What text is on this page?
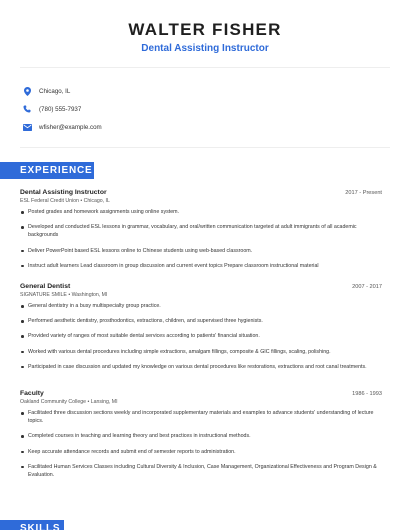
WALTER FISHER
Dental Assisting Instructor
Chicago, IL
(780) 555-7937
wfisher@example.com
EXPERIENCE
Dental Assisting Instructor	2017 - Present
ESL Federal Credit Union • Chicago, IL
Posted grades and homework assignments using online system.
Developed and conducted ESL lessons in grammar, vocabulary, and oral/written communication targeted at adult immigrants of all academic backgrounds
Deliver PowerPoint based ESL lessons online to Chinese students using web-based classroom.
Instruct adult learners Lead classroom in group discussion and current event topics Prepare classroom instructional material
General Dentist	2007 - 2017
SIGNATURE SMILE • Washington, MI
General dentistry in a busy multispecialty group practice.
Performed aesthetic dentistry, prosthodontics, extractions, children, and supervised three hygienists.
Provided variety of ranges of most suitable dental services according to patients' financial situation.
Worked with various dental procedures including simple extractions, amalgam fillings, composite & GIC fillings, scaling, polishing.
Participated in case discussion and updated my knowledge on various dental procedures like restorations, extractions and root canal treatments.
Faculty	1986 - 1993
Oakland Community College • Lansing, MI
Facilitated three discussion sections weekly and incorporated supplementary materials and examples to advance students' understanding of lecture topics.
Completed courses in teaching and learning theory and best practices in instructional methods.
Keep accurate attendance records and submit end of semester reports to administration.
Facilitated Human Services Classes including Cultural Diversity & Inclusion, Case Management, Organizational Effectiveness and Program Design & Evaluation.
SKILLS
